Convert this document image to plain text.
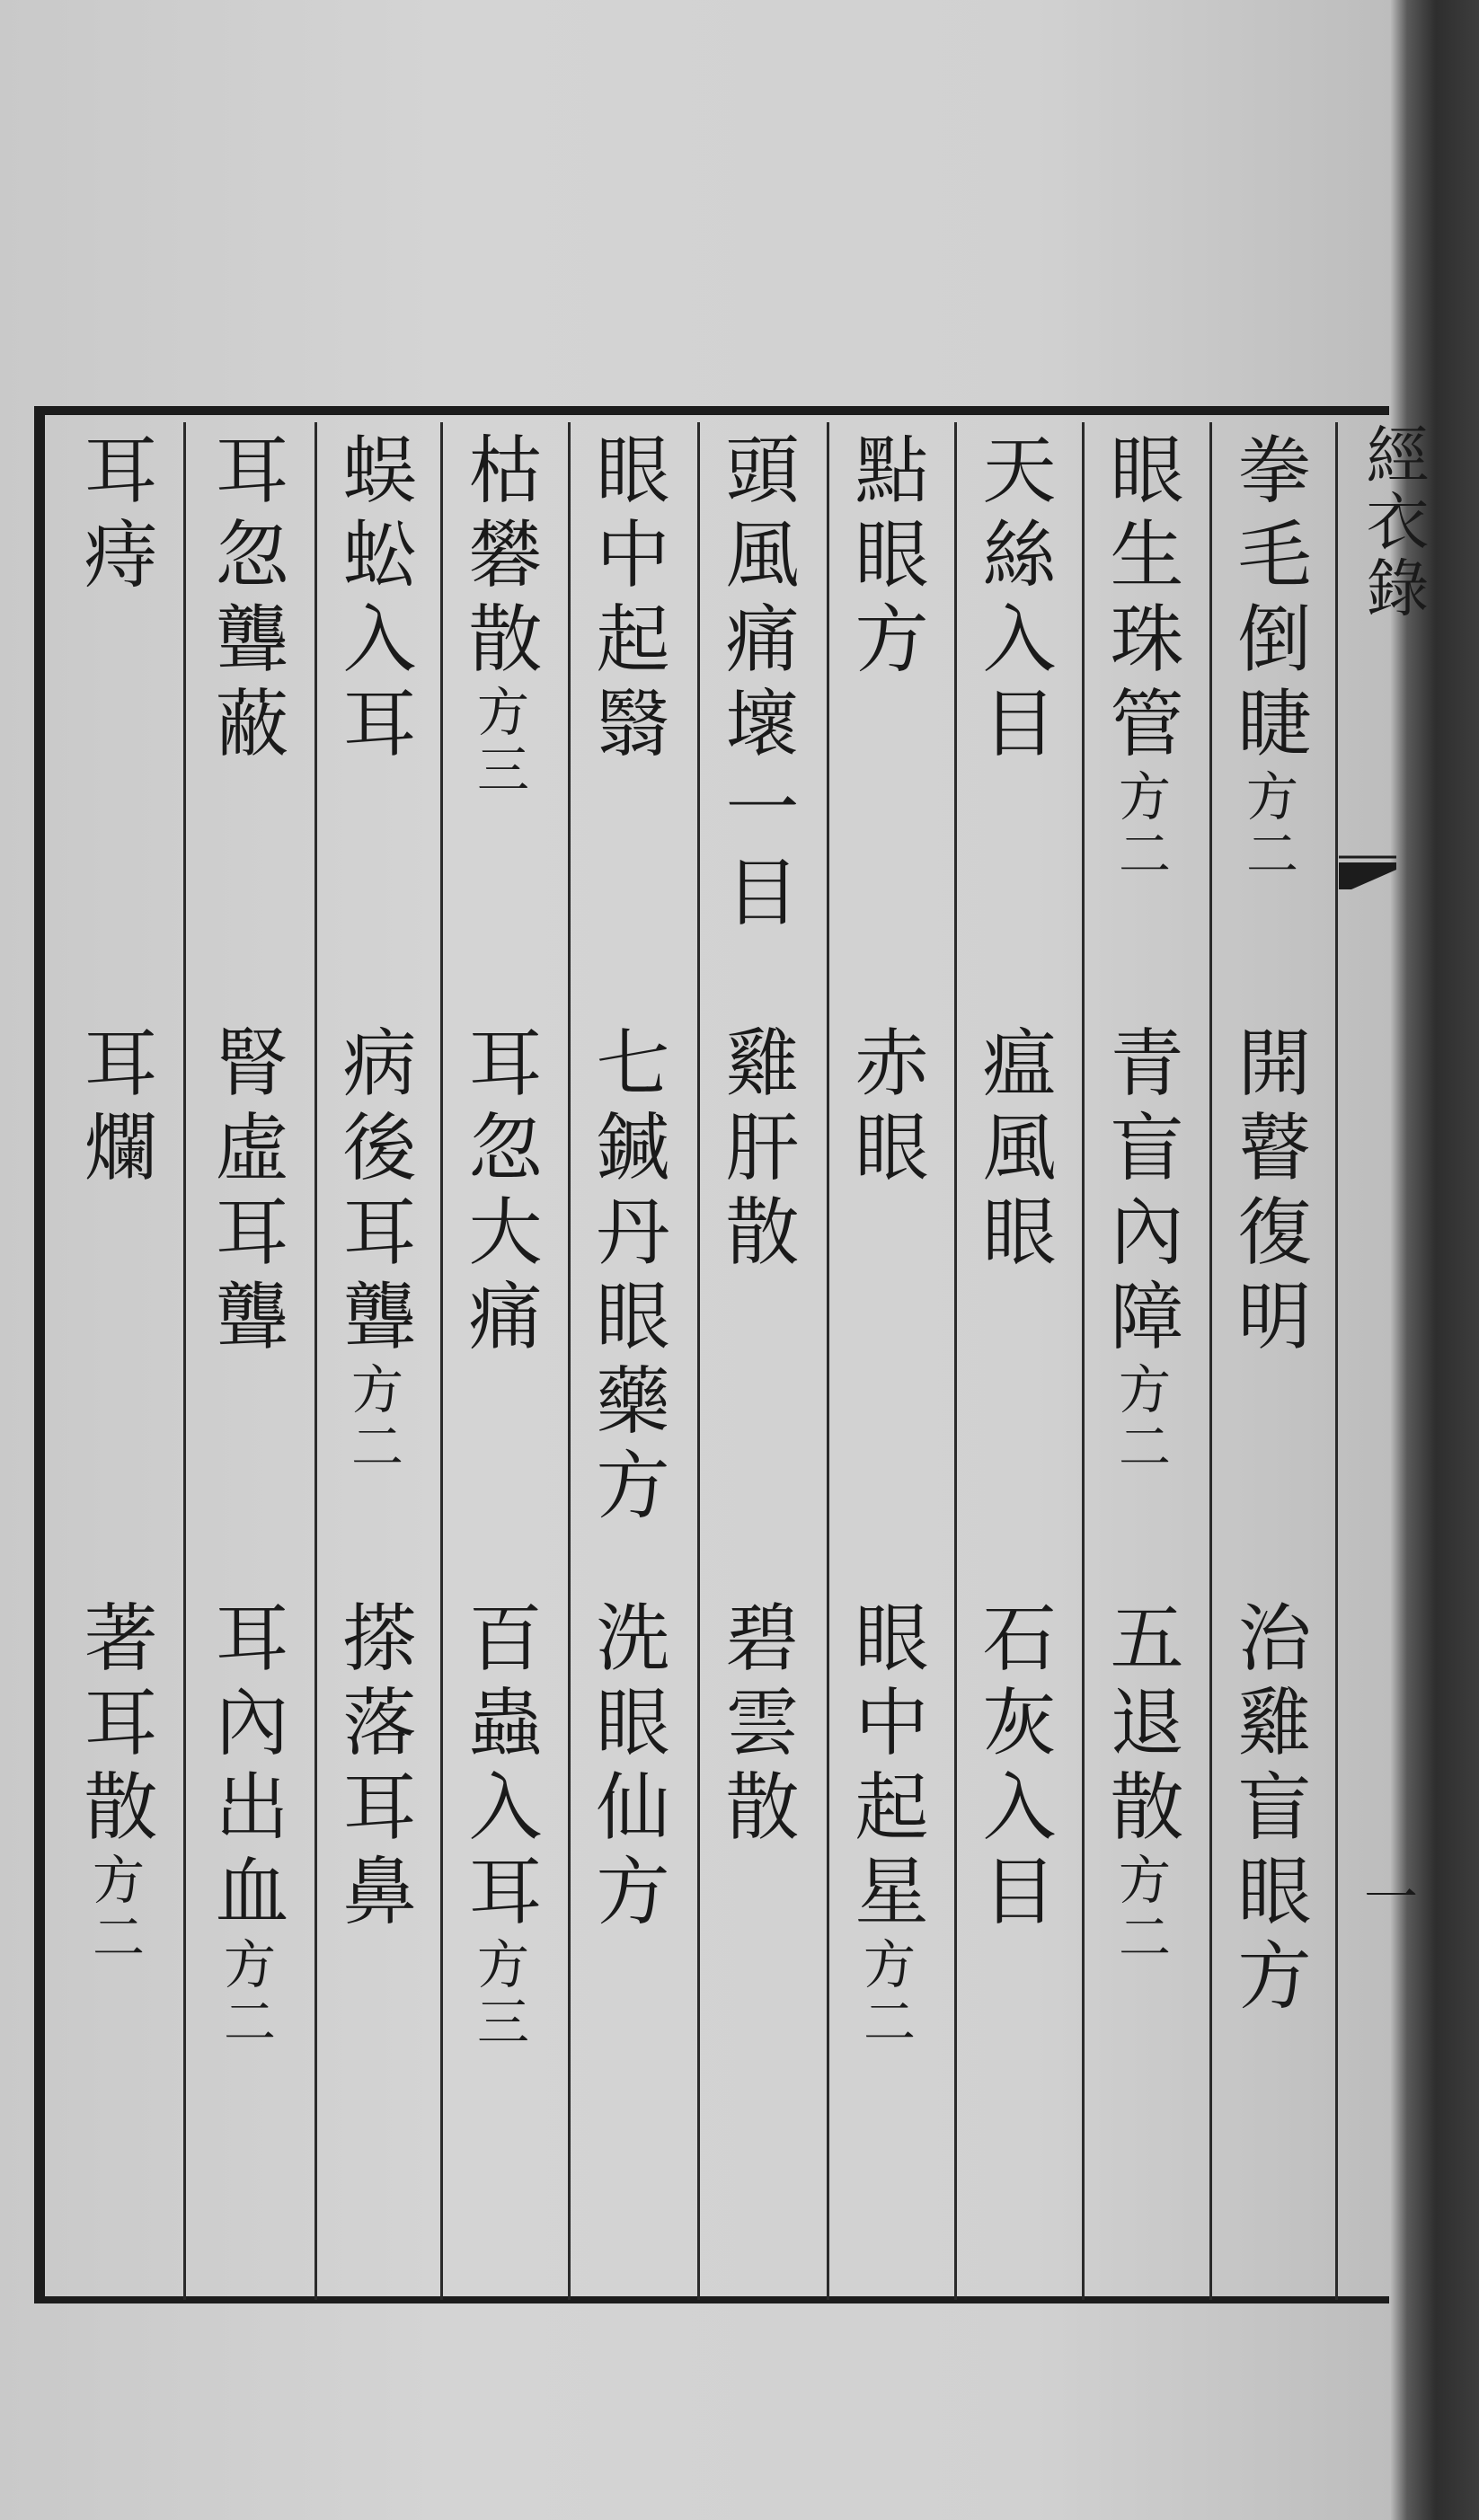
經衣錄
一
拳毛倒睫方二
開瞽復明
治雞盲眼方
眼生珠管方二
青盲內障方二
五退散方二
天絲入目
瘟風眼
石灰入目
點眼方
赤眼
眼中起星方二
頭風痛壞一目
雞肝散
碧雲散
眼中起翳
七鍼丹眼藥方
洗眼仙方
枯礬散方三
耳忽大痛
百蟲入耳方三
蜈蚣入耳
病後耳聾方二
搽落耳鼻
耳忽聾蔽
腎虛耳聾
耳內出血方二
耳痔
耳爛
著耳散方二
